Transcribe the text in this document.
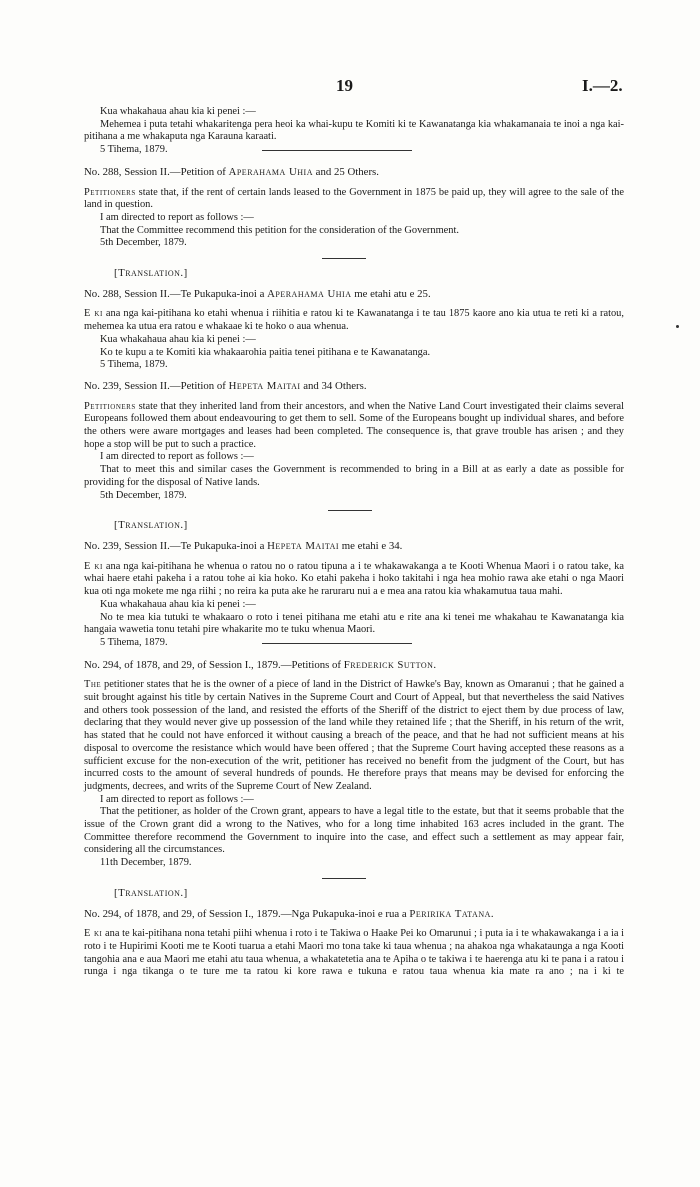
19	I.—2.

Kua whakahaua ahau kia ki penei :—

Mehemea i puta tetahi whakaritenga pera heoi ka whai-kupu te Komiti ki te Kawanatanga kia whakamanaia te inoi a nga kai-pitihana a me whakaputa nga Karauna karaati.

5 Tihema, 1879.

No. 288, Session II.—Petition of Aperahama Uhia and 25 Others.

Petitioners state that, if the rent of certain lands leased to the Government in 1875 be paid up, they will agree to the sale of the land in question.

I am directed to report as follows :—

That the Committee recommend this petition for the consideration of the Government.

5th December, 1879.

[Translation.]

No. 288, Session II.—Te Pukapuka-inoi a Aperahama Uhia me etahi atu e 25.

E ki ana nga kai-pitihana ko etahi whenua i riihitia e ratou ki te Kawanatanga i te tau 1875 kaore ano kia utua te reti ki a ratou, mehemea ka utua era ratou e whakaae ki te hoko o aua whenua.

Kua whakahaua ahau kia ki penei :—

Ko te kupu a te Komiti kia whakaarohia paitia tenei pitihana e te Kawanatanga.

5 Tihema, 1879.

No. 239, Session II.—Petition of Hepeta Maitai and 34 Others.

Petitioners state that they inherited land from their ancestors, and when the Native Land Court investigated their claims several Europeans followed them about endeavouring to get them to sell. Some of the Europeans bought up individual shares, and before the others were aware mortgages and leases had been completed. The consequence is, that grave trouble has arisen ; and they hope a stop will be put to such a practice.

I am directed to report as follows :—

That to meet this and similar cases the Government is recommended to bring in a Bill at as early a date as possible for providing for the disposal of Native lands.

5th December, 1879.

[Translation.]

No. 239, Session II.—Te Pukapuka-inoi a Hepeta Maitai me etahi e 34.

E ki ana nga kai-pitihana he whenua o ratou no o ratou tipuna a i te whakawakanga a te Kooti Whenua Maori i o ratou take, ka whai haere etahi pakeha i a ratou tohe ai kia hoko. Ko etahi pakeha i hoko takitahi i nga hea mohio rawa ake etahi o nga Maori kua oti nga mokete me nga riihi ; no reira ka puta ake he raruraru nui a e mea ana ratou kia whakamutua taua mahi.

Kua whakahaua ahau kia ki penei :—

No te mea kia tutuki te whakaaro o roto i tenei pitihana me etahi atu e rite ana ki tenei me whakahau te Kawanatanga kia hangaia wawetia tonu tetahi pire whakarite mo te tuku whenua Maori.

5 Tihema, 1879.

No. 294, of 1878, and 29, of Session I., 1879.—Petitions of Frederick Sutton.

The petitioner states that he is the owner of a piece of land in the District of Hawke's Bay, known as Omaranui ; that he gained a suit brought against his title by certain Natives in the Supreme Court and Court of Appeal, but that nevertheless the said Natives and others took possession of the land, and resisted the efforts of the Sheriff of the district to eject them by due process of law, declaring that they would never give up possession of the land while they retained life ; that the Sheriff, in his return of the writ, has stated that he could not have enforced it without causing a breach of the peace, and that he had not sufficient means at his disposal to overcome the resistance which would have been offered ; that the Supreme Court having accepted these reasons as a sufficient excuse for the non-execution of the writ, petitioner has received no benefit from the judgment of the Court, but has incurred costs to the amount of several hundreds of pounds. He therefore prays that means may be devised for enforcing the judgments, decrees, and writs of the Supreme Court of New Zealand.

I am directed to report as follows :—

That the petitioner, as holder of the Crown grant, appears to have a legal title to the estate, but that it seems probable that the issue of the Crown grant did a wrong to the Natives, who for a long time inhabited 163 acres included in the grant. The Committee therefore recommend the Government to inquire into the case, and effect such a settlement as may appear fair, considering all the circumstances.

11th December, 1879.

[Translation.]

No. 294, of 1878, and 29, of Session I., 1879.—Nga Pukapuka-inoi e rua a Peririka Tatana.

E ki ana te kai-pitihana nona tetahi piihi whenua i roto i te Takiwa o Haake Pei ko Omarunui ; i puta ia i te whakawakanga i a ia i roto i te Hupirimi Kooti me te Kooti tuarua a etahi Maori mo tona take ki taua whenua ; na ahakoa nga whakataunga a nga Kooti tangohia ana e aua Maori me etahi atu taua whenua, a whakatetetia ana te Apiha o te takiwa i te haerenga atu ki te pana i a ratou i runga i nga tikanga o te ture me ta ratou ki kore rawa e tukuna e ratou taua whenua kia mate ra ano ; na i ki te
